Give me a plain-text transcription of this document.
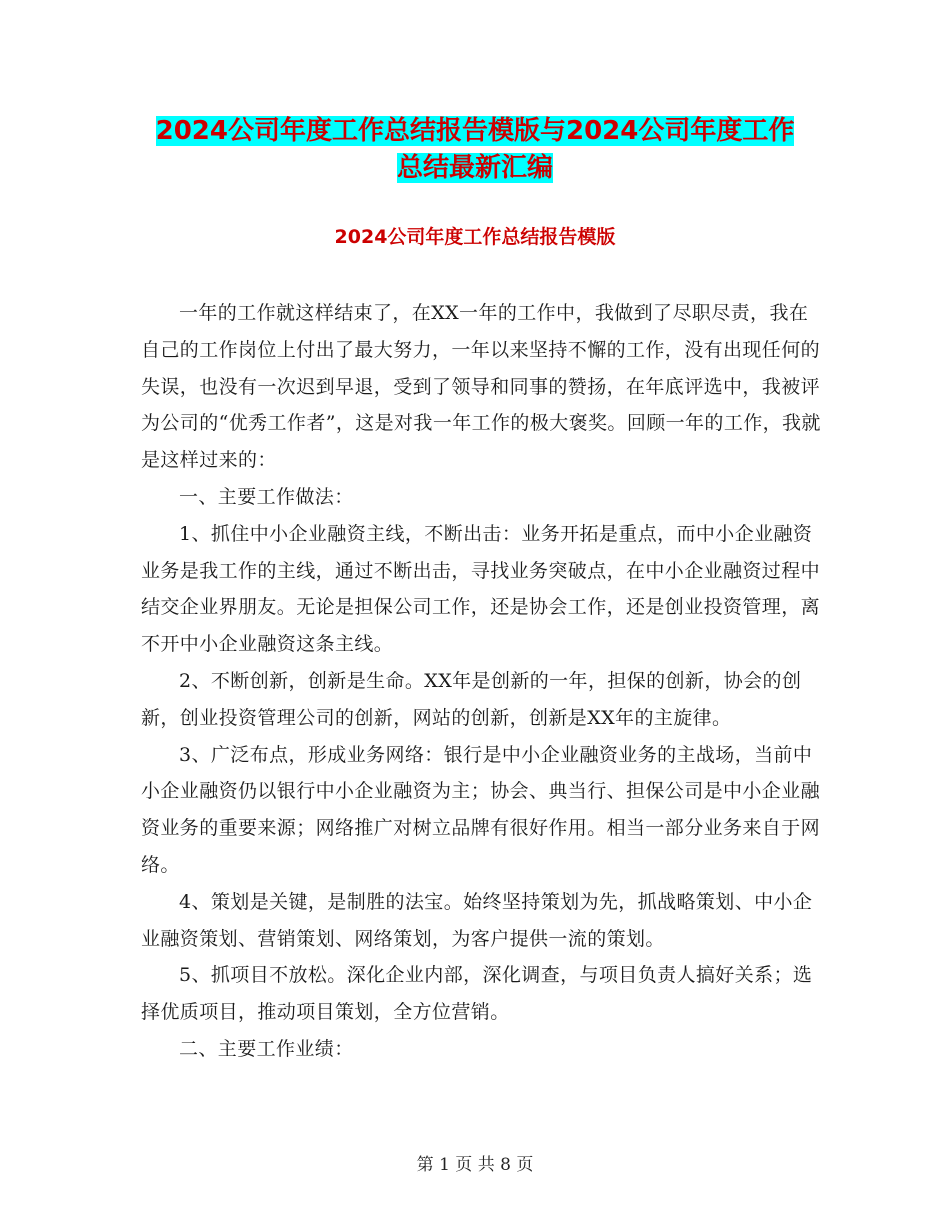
2024公司年度工作总结报告模版与2024公司年度工作
总结最新汇编
2024公司年度工作总结报告模版

一年的工作就这样结束了，在XX一年的工作中，我做到了尽职尽责，我在自己的工作岗位上付出了最大努力，一年以来坚持不懈的工作，没有出现任何的失误，也没有一次迟到早退，受到了领导和同事的赞扬，在年底评选中，我被评为公司的“优秀工作者”，这是对我一年工作的极大褒奖。回顾一年的工作，我就是这样过来的：

一、主要工作做法：

1、抓住中小企业融资主线，不断出击：业务开拓是重点，而中小企业融资业务是我工作的主线，通过不断出击，寻找业务突破点，在中小企业融资过程中结交企业界朋友。无论是担保公司工作，还是协会工作，还是创业投资管理，离不开中小企业融资这条主线。

2、不断创新，创新是生命。XX年是创新的一年，担保的创新，协会的创新，创业投资管理公司的创新，网站的创新，创新是XX年的主旋律。

3、广泛布点，形成业务网络：银行是中小企业融资业务的主战场，当前中小企业融资仍以银行中小企业融资为主；协会、典当行、担保公司是中小企业融资业务的重要来源；网络推广对树立品牌有很好作用。相当一部分业务来自于网络。

4、策划是关键，是制胜的法宝。始终坚持策划为先，抓战略策划、中小企业融资策划、营销策划、网络策划，为客户提供一流的策划。

5、抓项目不放松。深化企业内部，深化调查，与项目负责人搞好关系；选择优质项目，推动项目策划，全方位营销。

二、主要工作业绩：

第 1 页 共 8 页
